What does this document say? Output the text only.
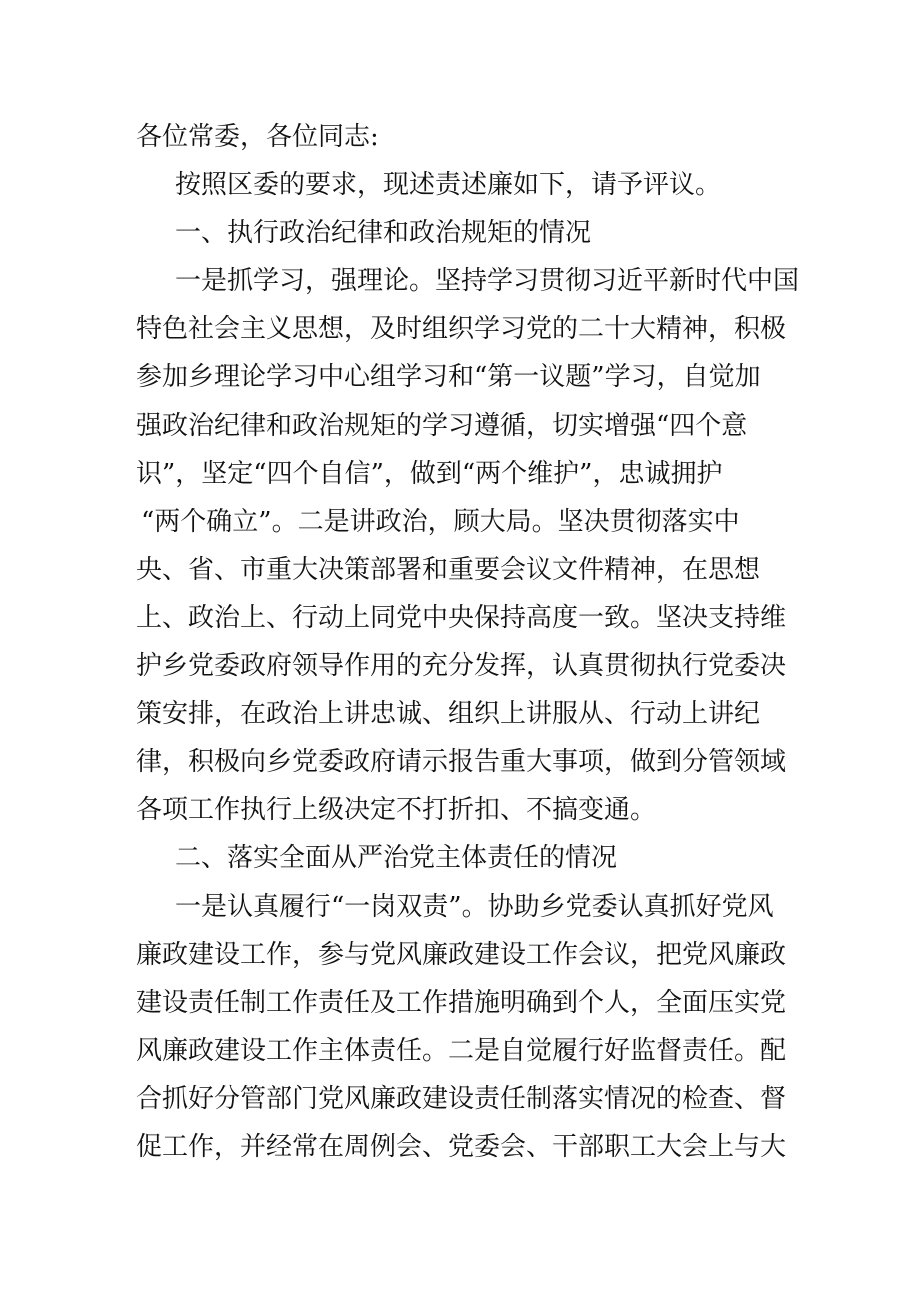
各位常委，各位同志:
按照区委的要求，现述责述廉如下，请予评议。
一、执行政治纪律和政治规矩的情况
一是抓学习，强理论。坚持学习贯彻习近平新时代中国
特色社会主义思想，及时组织学习党的二十大精神，积极
参加乡理论学习中心组学习和“第一议题”学习，自觉加
强政治纪律和政治规矩的学习遵循，切实增强“四个意
识”，坚定“四个自信”，做到“两个维护”，忠诚拥护
“两个确立”。二是讲政治，顾大局。坚决贯彻落实中
央、省、市重大决策部署和重要会议文件精神，在思想
上、政治上、行动上同党中央保持高度一致。坚决支持维
护乡党委政府领导作用的充分发挥，认真贯彻执行党委决
策安排，在政治上讲忠诚、组织上讲服从、行动上讲纪
律，积极向乡党委政府请示报告重大事项，做到分管领域
各项工作执行上级决定不打折扣、不搞变通。
二、落实全面从严治党主体责任的情况
一是认真履行“一岗双责”。协助乡党委认真抓好党风
廉政建设工作，参与党风廉政建设工作会议，把党风廉政
建设责任制工作责任及工作措施明确到个人，全面压实党
风廉政建设工作主体责任。二是自觉履行好监督责任。配
合抓好分管部门党风廉政建设责任制落实情况的检查、督
促工作，并经常在周例会、党委会、干部职工大会上与大
